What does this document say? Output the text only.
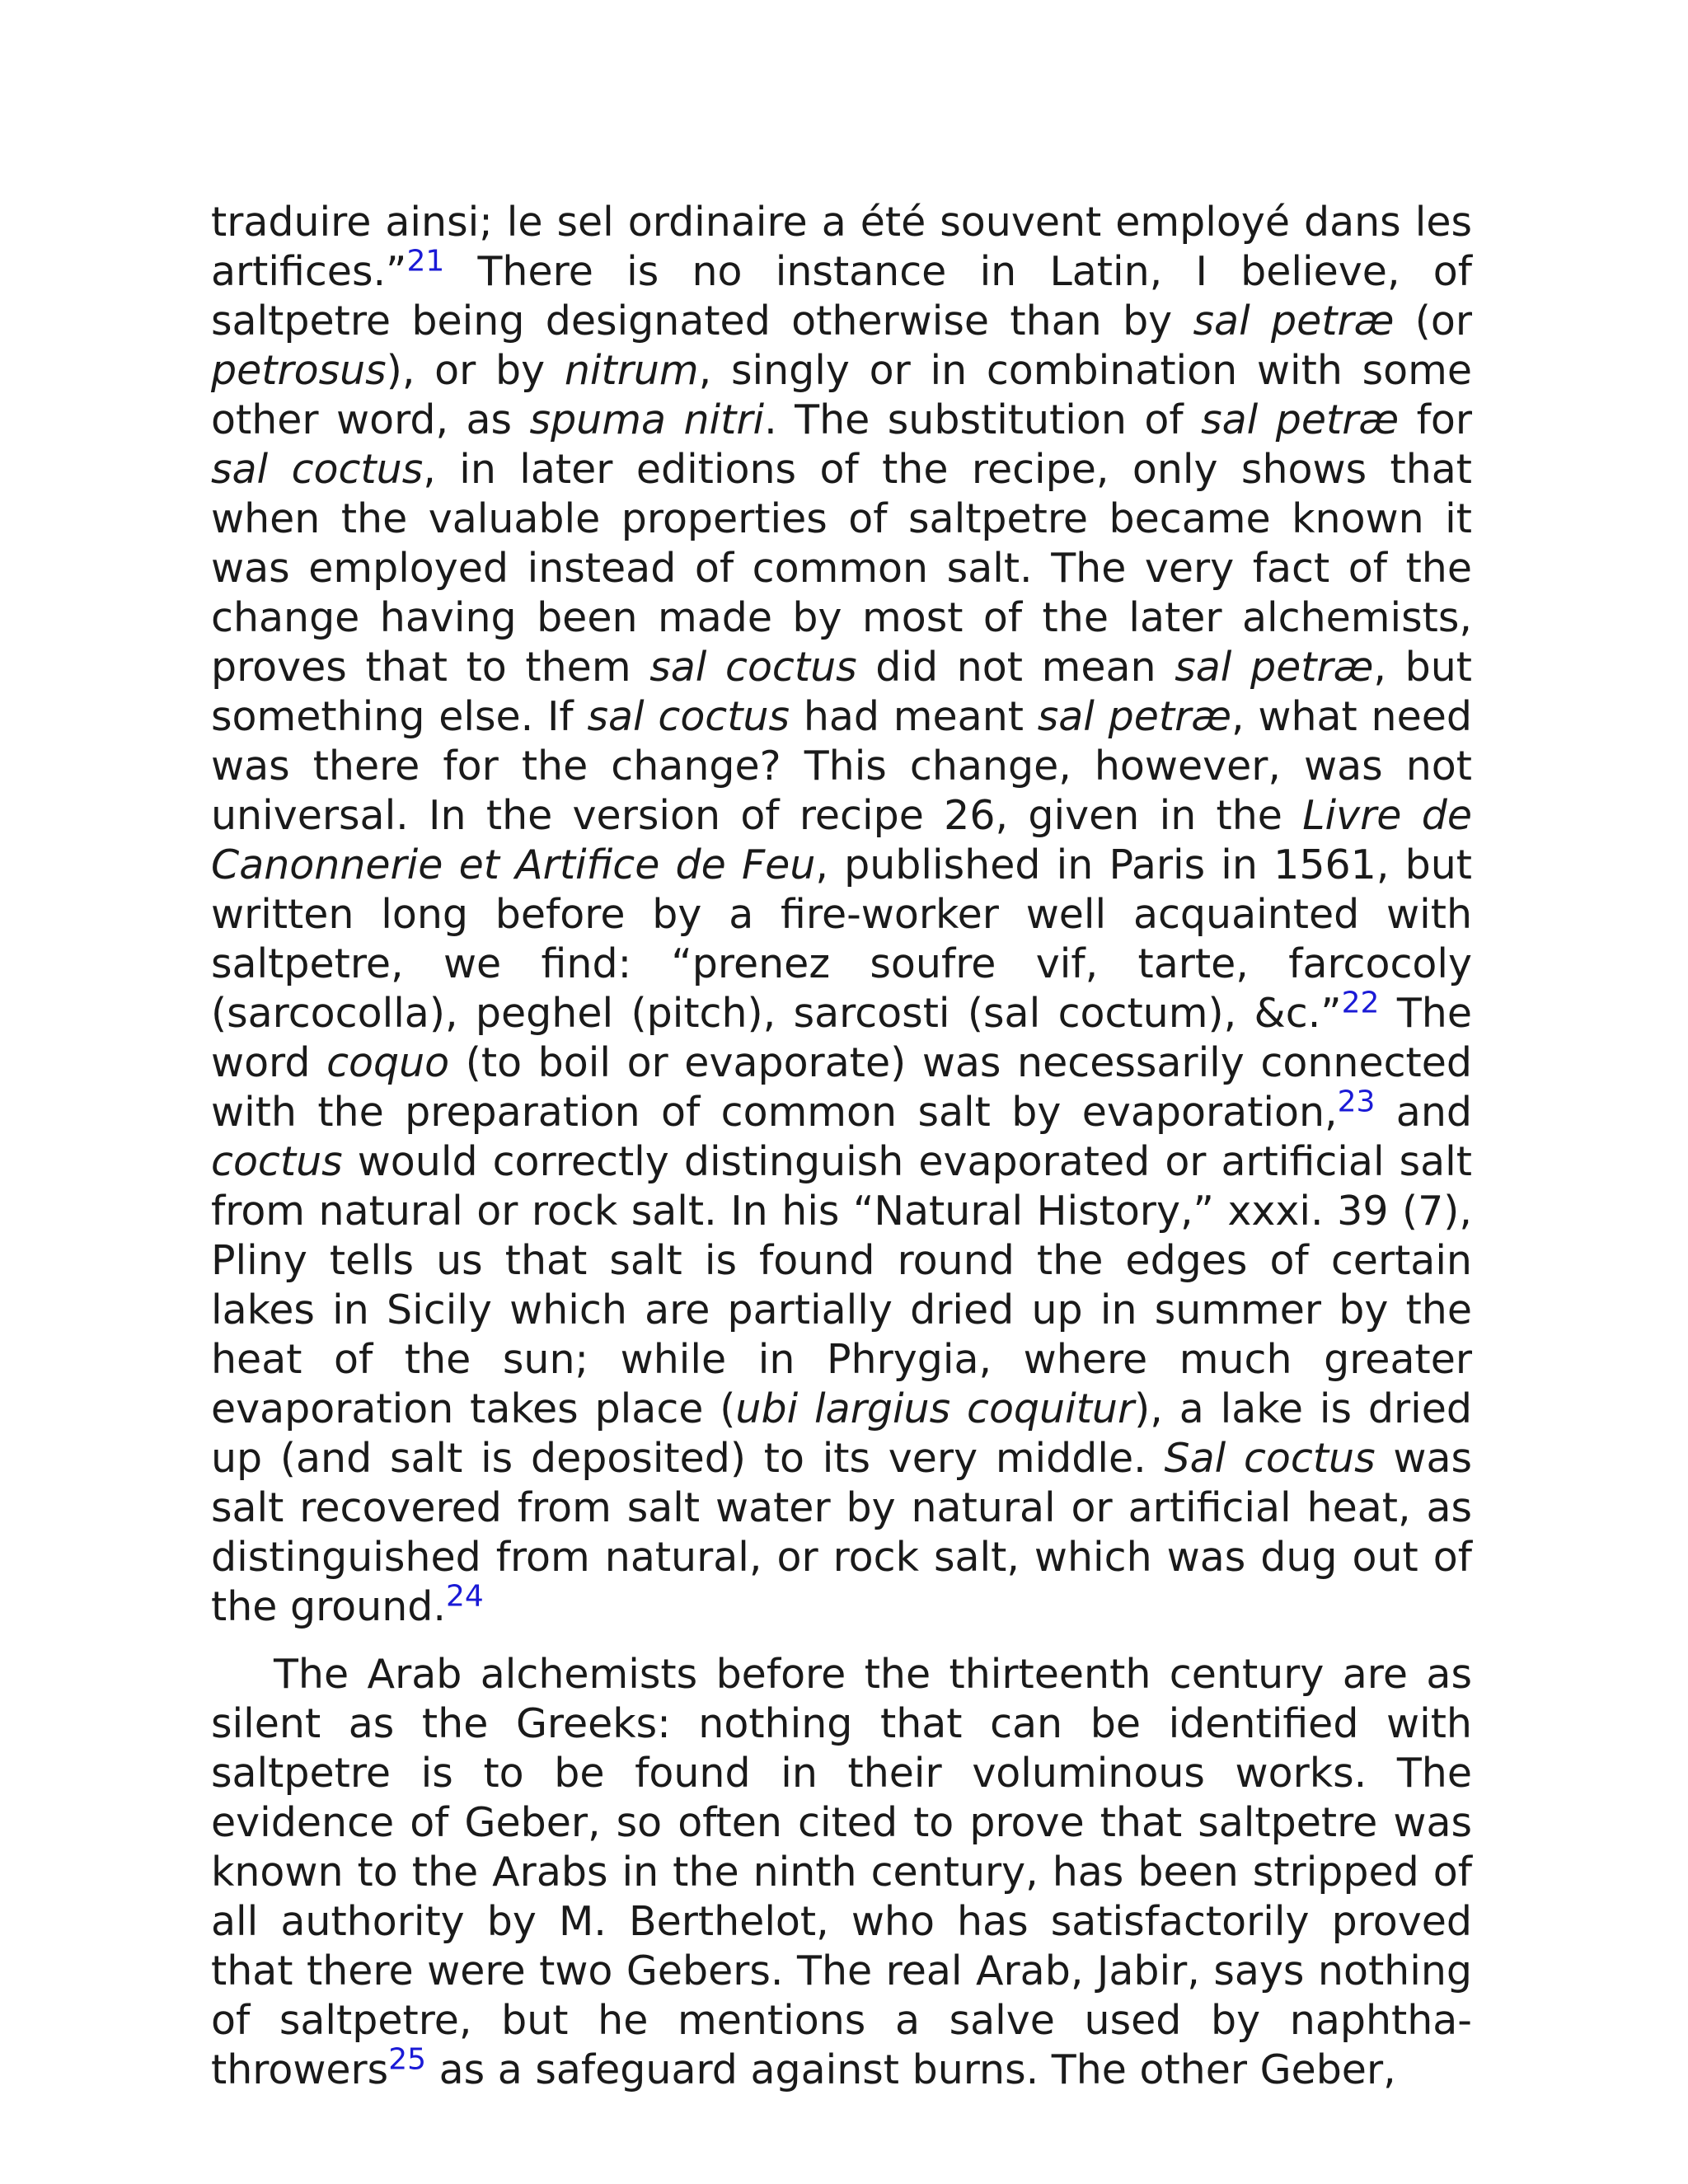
traduire ainsi; le sel ordinaire a été souvent employé dans les artifices.”$^{21}$ There is no instance in Latin, I believe, of saltpetre being designated otherwise than by sal petræ (or petrosus), or by nitrum, singly or in combination with some other word, as spuma nitri. The substitution of sal petræ for sal coctus, in later editions of the recipe, only shows that when the valuable properties of saltpetre became known it was employed instead of common salt. The very fact of the change having been made by most of the later alchemists, proves that to them sal coctus did not mean sal petræ, but something else. If sal coctus had meant sal petræ, what need was there for the change? This change, however, was not universal. In the version of recipe 26, given in the Livre de Canonnerie et Artifice de Feu, published in Paris in 1561, but written long before by a fire-worker well acquainted with saltpetre, we find: “prenez soufre vif, tarte, farcocoly (sarcocolla), peghel (pitch), sarcosti (sal coctum), &c.”$^{22}$ The word coquo (to boil or evaporate) was necessarily connected with the preparation of common salt by evaporation,$^{23}$ and coctus would correctly distinguish evaporated or artificial salt from natural or rock salt. In his “Natural History,” xxxi. 39 (7), Pliny tells us that salt is found round the edges of certain lakes in Sicily which are partially dried up in summer by the heat of the sun; while in Phrygia, where much greater evaporation takes place (ubi largius coquitur), a lake is dried up (and salt is deposited) to its very middle. Sal coctus was salt recovered from salt water by natural or artificial heat, as distinguished from natural, or rock salt, which was dug out of the ground.$^{24}$

The Arab alchemists before the thirteenth century are as silent as the Greeks: nothing that can be identified with saltpetre is to be found in their voluminous works. The evidence of Geber, so often cited to prove that saltpetre was known to the Arabs in the ninth century, has been stripped of all authority by M. Berthelot, who has satisfactorily proved that there were two Gebers. The real Arab, Jabir, says nothing of saltpetre, but he mentions a salve used by naphtha-throwers$^{25}$ as a safeguard against burns. The other Geber,
